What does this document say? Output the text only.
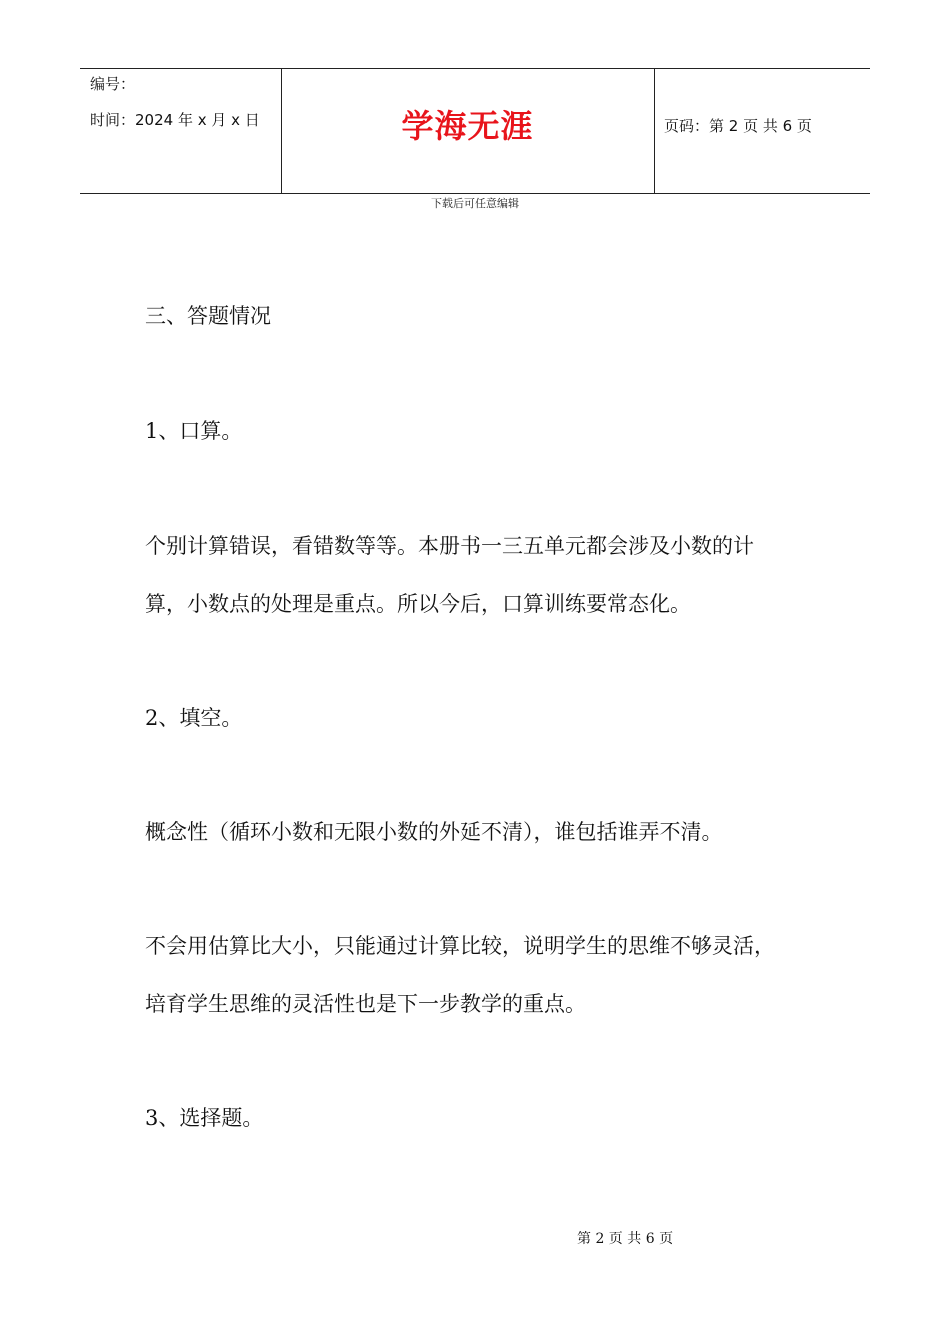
编号：
时间：2024 年 x 月 x 日	学海无涯	页码：第 2 页 共 6 页
下载后可任意编辑
三、答题情况
1、口算。
个别计算错误，看错数等等。本册书一三五单元都会涉及小数的计
算，小数点的处理是重点。所以今后，口算训练要常态化。
2、填空。
概念性（循环小数和无限小数的外延不清），谁包括谁弄不清。
不会用估算比大小，只能通过计算比较，说明学生的思维不够灵活，
培育学生思维的灵活性也是下一步教学的重点。
3、选择题。
第 2 页 共 6 页
